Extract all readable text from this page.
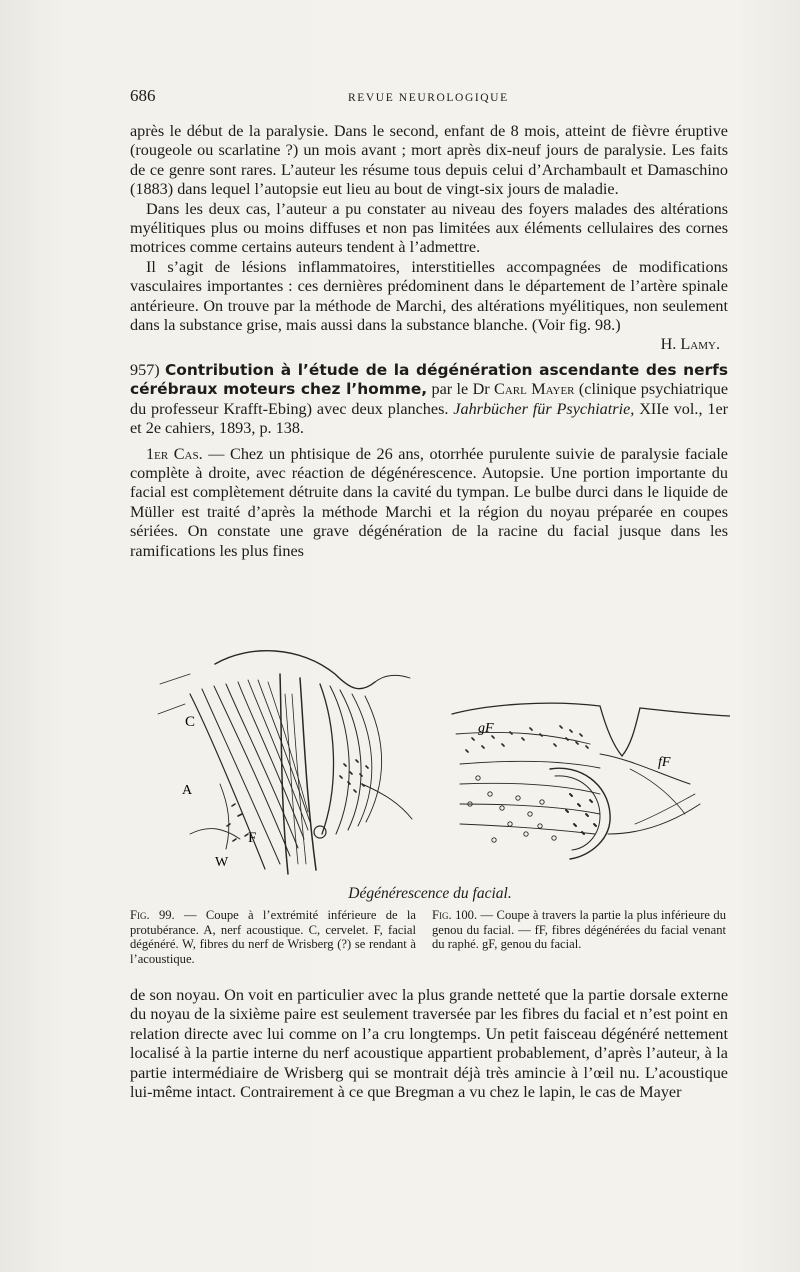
686	REVUE NEUROLOGIQUE

après le début de la paralysie. Dans le second, enfant de 8 mois, atteint de fièvre éruptive (rougeole ou scarlatine ?) un mois avant ; mort après dix-neuf jours de paralysie. Les faits de ce genre sont rares. L’auteur les résume tous depuis celui d’Archambault et Damaschino (1883) dans lequel l’autopsie eut lieu au bout de vingt-six jours de maladie.

Dans les deux cas, l’auteur a pu constater au niveau des foyers malades des altérations myélitiques plus ou moins diffuses et non pas limitées aux éléments cellulaires des cornes motrices comme certains auteurs tendent à l’admettre.

Il s’agit de lésions inflammatoires, interstitielles accompagnées de modifications vasculaires importantes : ces dernières prédominent dans le département de l’artère spinale antérieure. On trouve par la méthode de Marchi, des altérations myélitiques, non seulement dans la substance grise, mais aussi dans la substance blanche. (Voir fig. 98.)

H. Lamy.

957) Contribution à l’étude de la dégénération ascendante des nerfs cérébraux moteurs chez l’homme, par le Dr Carl Mayer (clinique psychiatrique du professeur Krafft-Ebing) avec deux planches. Jahrbücher für Psychiatrie, XIIe vol., 1er et 2e cahiers, 1893, p. 138.

1er Cas. — Chez un phtisique de 26 ans, otorrhée purulente suivie de paralysie faciale complète à droite, avec réaction de dégénérescence. Autopsie. Une portion importante du facial est complètement détruite dans la cavité du tympan. Le bulbe durci dans le liquide de Müller est traité d’après la méthode Marchi et la région du noyau préparée en coupes sériées. On constate une grave dégénération de la racine du facial jusque dans les ramifications les plus fines

C
A
F
W
gF
fF
Dégénérescence du facial.
Fig. 99. — Coupe à l’extrémité inférieure de la protubérance. A, nerf acoustique. C, cervelet. F, facial dégénéré. W, fibres du nerf de Wrisberg (?) se rendant à l’acoustique.
Fig. 100. — Coupe à travers la partie la plus inférieure du genou du facial. — fF, fibres dégénérées du facial venant du raphé. gF, genou du facial.

de son noyau. On voit en particulier avec la plus grande netteté que la partie dorsale externe du noyau de la sixième paire est seulement traversée par les fibres du facial et n’est point en relation directe avec lui comme on l’a cru longtemps. Un petit faisceau dégénéré nettement localisé à la partie interne du nerf acoustique appartient probablement, d’après l’auteur, à la partie intermédiaire de Wrisberg qui se montrait déjà très amincie à l’œil nu. L’acoustique lui-même intact. Contrairement à ce que Bregman a vu chez le lapin, le cas de Mayer
